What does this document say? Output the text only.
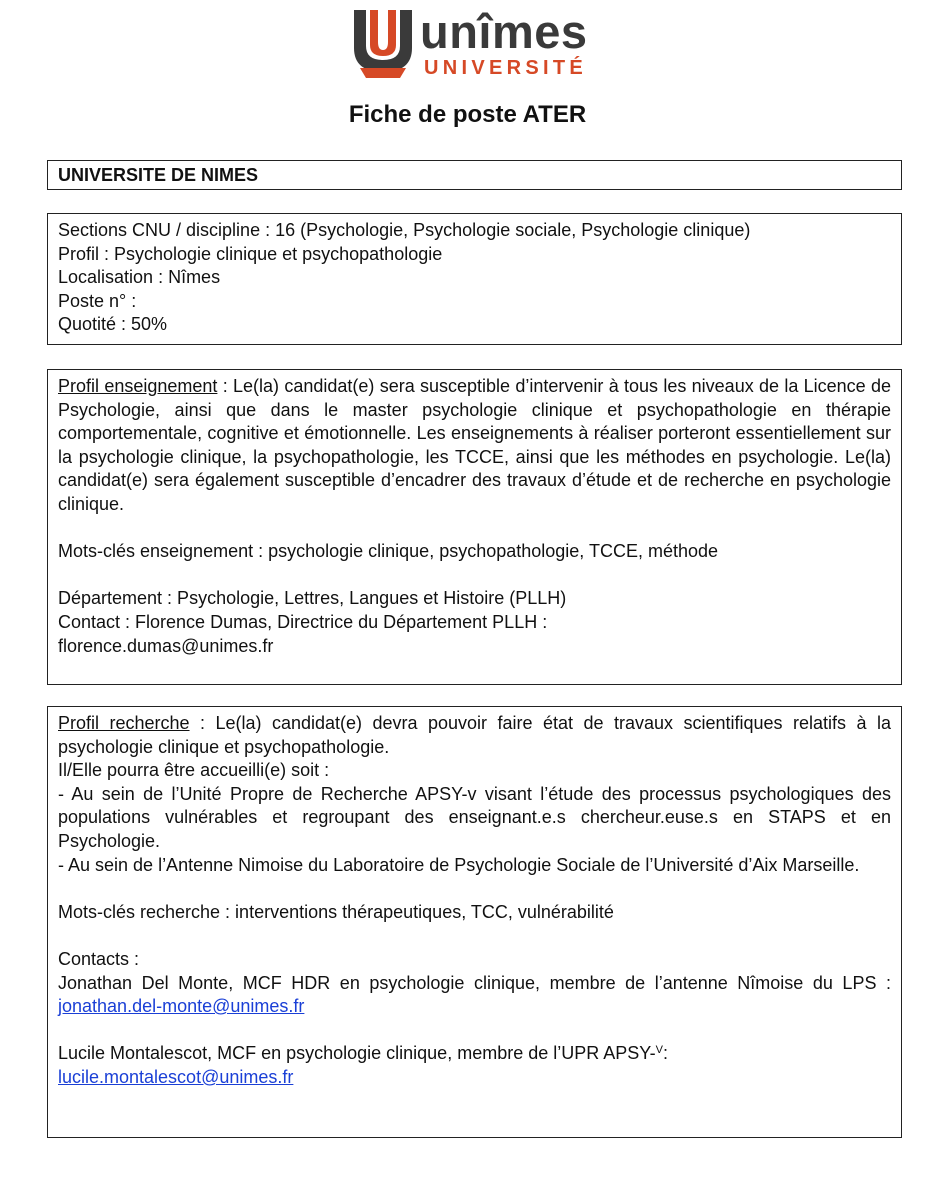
unîmes
UNIVERSITÉ
Fiche de poste ATER
UNIVERSITE DE NIMES
Sections CNU / discipline : 16 (Psychologie, Psychologie sociale, Psychologie clinique)
Profil : Psychologie clinique et psychopathologie
Localisation : Nîmes
Poste n° :
Quotité : 50%
Profil enseignement : Le(la) candidat(e) sera susceptible d’intervenir à tous les niveaux de la Licence de Psychologie, ainsi que dans le master psychologie clinique et psychopathologie en thérapie comportementale, cognitive et émotionnelle. Les enseignements à réaliser porteront essentiellement sur la psychologie clinique, la psychopathologie, les TCCE, ainsi que les méthodes en psychologie. Le(la) candidat(e) sera également susceptible d’encadrer des travaux d’étude et de recherche en psychologie clinique.
Mots-clés enseignement : psychologie clinique, psychopathologie, TCCE, méthode
Département : Psychologie, Lettres, Langues et Histoire (PLLH)
Contact : Florence Dumas, Directrice du Département PLLH :
florence.dumas@unimes.fr
Profil recherche : Le(la) candidat(e) devra pouvoir faire état de travaux scientifiques relatifs à la psychologie clinique et psychopathologie.
Il/Elle pourra être accueilli(e) soit :
- Au sein de l’Unité Propre de Recherche APSY-v visant l’étude des processus psychologiques des populations vulnérables et regroupant des enseignant.e.s chercheur.euse.s en STAPS et en Psychologie.
- Au sein de l’Antenne Nimoise du Laboratoire de Psychologie Sociale de l’Université d’Aix Marseille.
Mots-clés recherche : interventions thérapeutiques, TCC, vulnérabilité
Contacts :
Jonathan Del Monte, MCF HDR en psychologie clinique, membre de l’antenne Nîmoise du LPS : jonathan.del-monte@unimes.fr
Lucile Montalescot, MCF en psychologie clinique, membre de l’UPR APSY-$^V$:
lucile.montalescot@unimes.fr
